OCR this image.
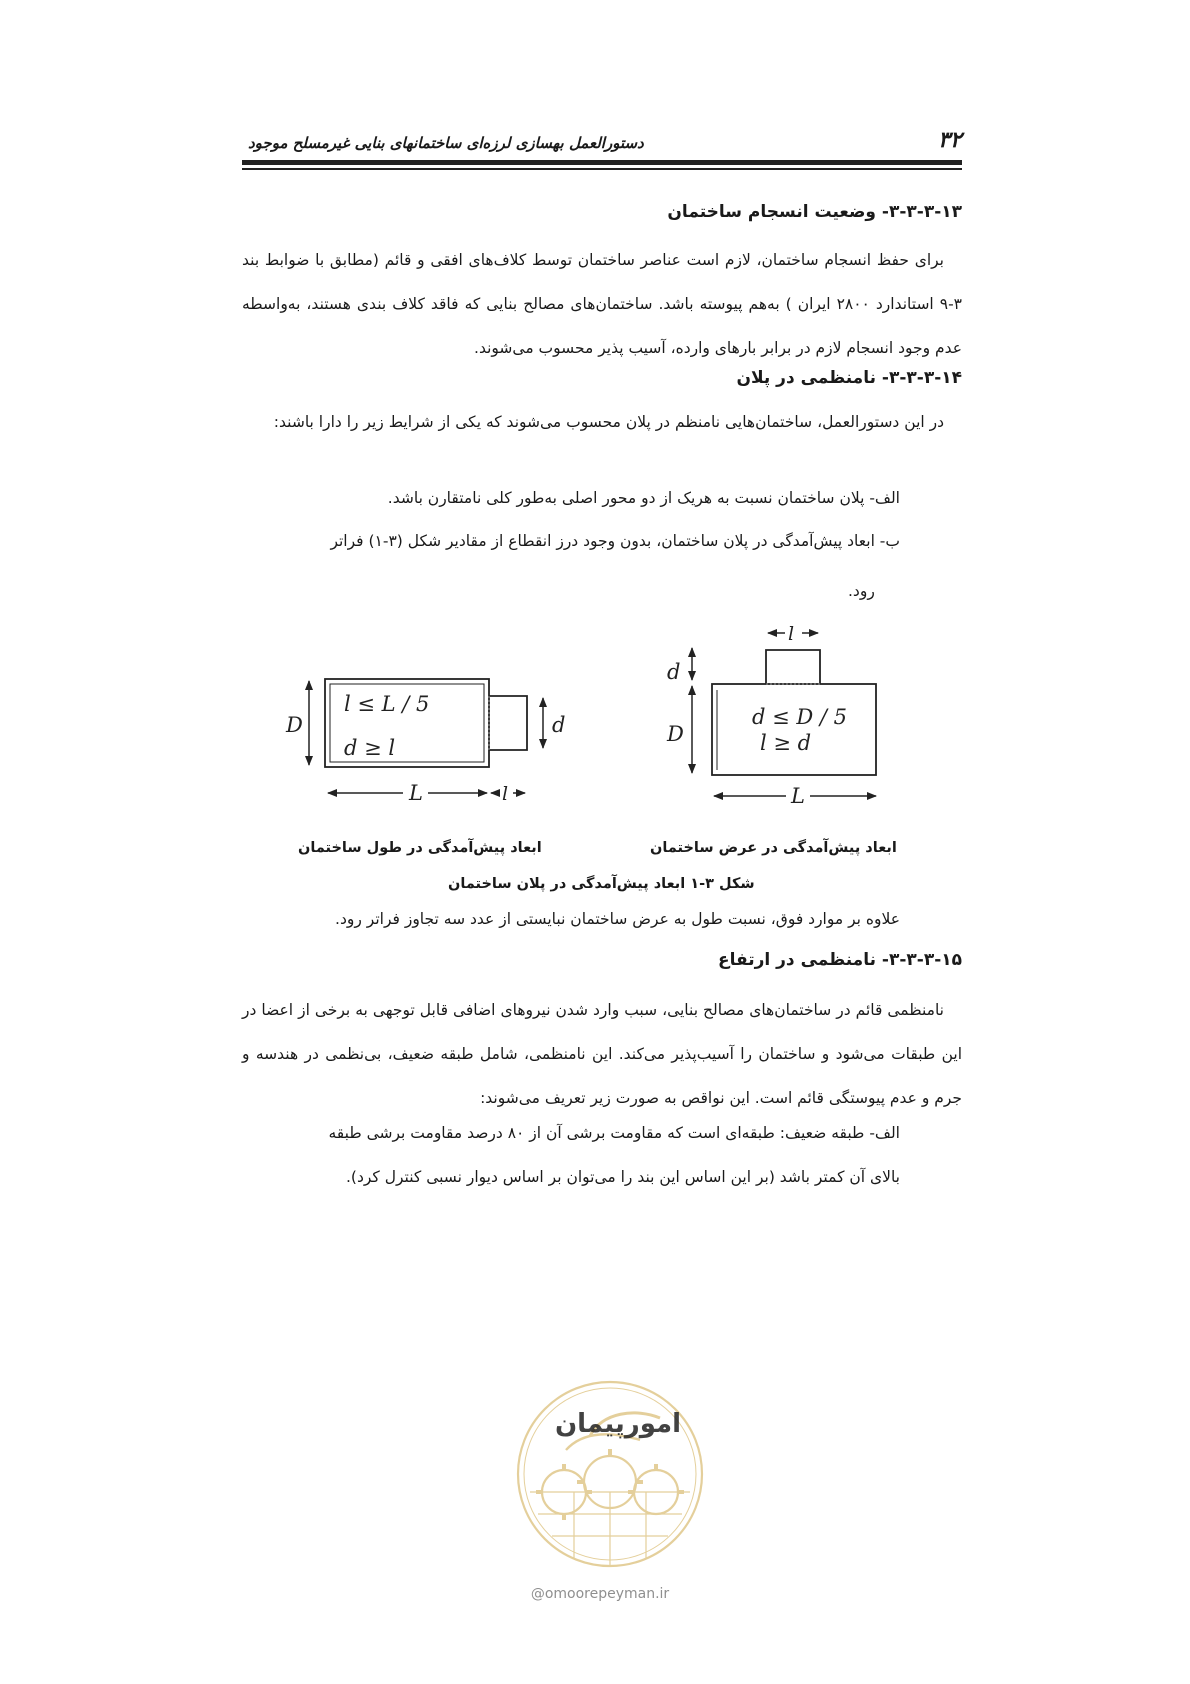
۳۲
دستورالعمل بهسازی لرزه‌ای ساختمانهای بنایی غیرمسلح موجود
۳-۳-۳-۱۳- وضعیت انسجام ساختمان
برای حفظ انسجام ساختمان، لازم است عناصر ساختمان توسط کلاف‌های افقی و قائم (مطابق با ضوابط بند ۳-۹ استاندارد ۲۸۰۰ ایران ) به‌هم پیوسته باشد. ساختمان‌های مصالح بنایی که فاقد کلاف بندی هستند، به‌واسطه عدم وجود انسجام لازم در برابر بارهای وارده، آسیب پذیر محسوب می‌شوند.
۳-۳-۳-۱۴- نامنظمی در پلان
در این دستورالعمل، ساختمان‌هایی نامنظم در پلان محسوب می‌شوند که یکی از شرایط زیر را دارا باشند:
الف- پلان ساختمان نسبت به هریک از دو محور اصلی به‌طور کلی نامتقارن باشد.
ب- ابعاد پیش‌آمدگی در پلان ساختمان، بدون وجود درز انقطاع از مقادیر شکل (۳-۱) فراتر
رود.
l ≤ L / 5
d ≥ l
D	d
L	l
d ≤ D / 5
l ≥ d
D
d
L
l
ابعاد پیش‌آمدگی در طول ساختمان	ابعاد پیش‌آمدگی در عرض ساختمان
شکل ۳-۱ ابعاد پیش‌آمدگی در پلان ساختمان
علاوه بر موارد فوق، نسبت طول به عرض ساختمان نبایستی از عدد سه تجاوز فراتر رود.
۳-۳-۳-۱۵- نامنظمی در ارتفاع
نامنظمی قائم در ساختمان‌های مصالح بنایی، سبب وارد شدن نیروهای اضافی قابل توجهی به برخی از اعضا در این طبقات می‌شود و ساختمان را آسیب‌پذیر می‌کند. این نامنظمی، شامل طبقه ضعیف، بی‌نظمی در هندسه و جرم و عدم پیوستگی قائم است. این نواقص به صورت زیر تعریف می‌شوند:
الف- طبقه ضعیف: طبقه‌ای است که مقاومت برشی آن از ۸۰ درصد مقاومت برشی طبقه
بالای آن کمتر باشد (بر این اساس این بند را می‌توان بر اساس دیوار نسبی کنترل کرد).
امورپیمان
@omoorepeyman.ir
